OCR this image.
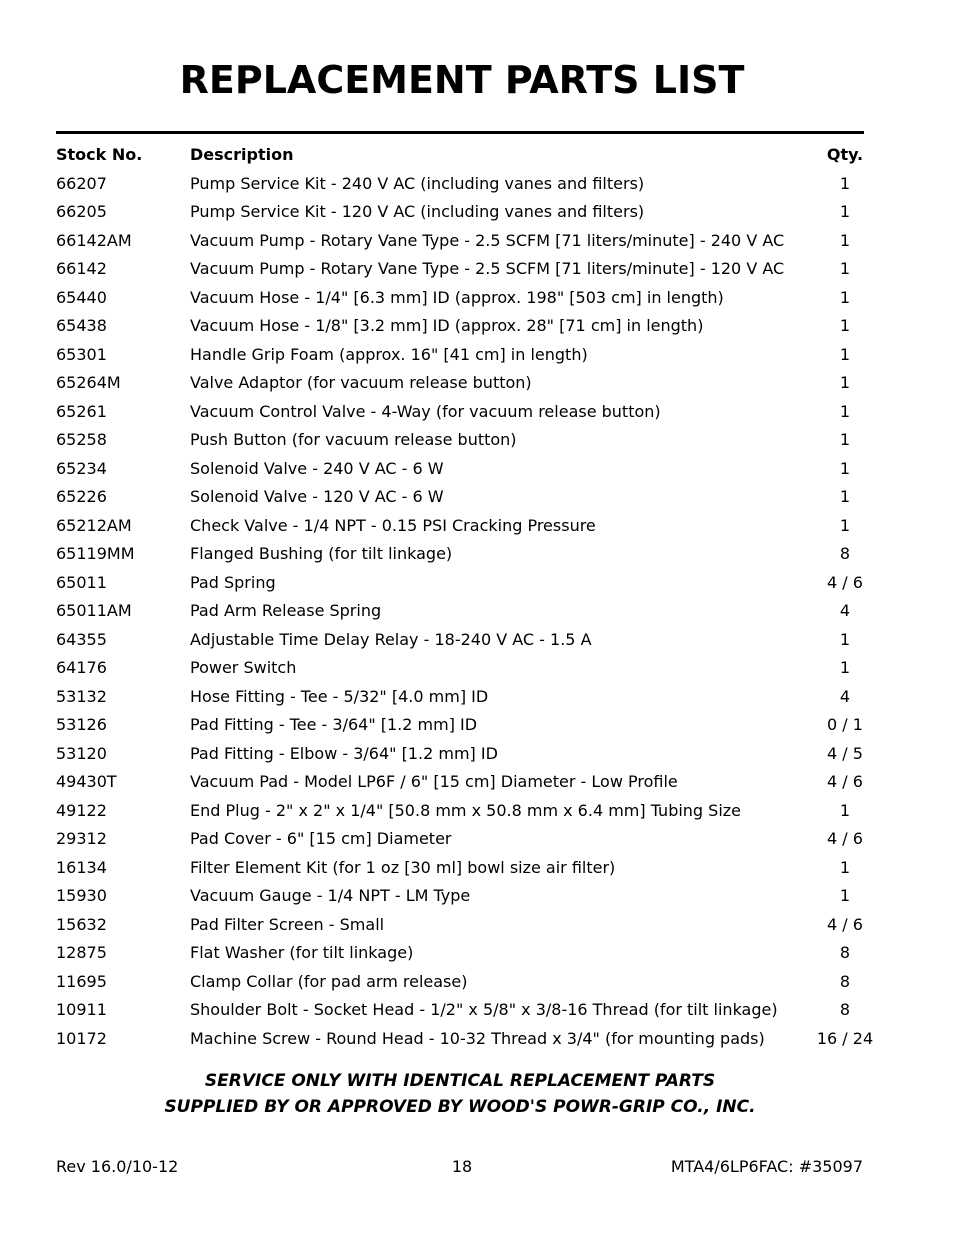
REPLACEMENT PARTS LIST
Stock No.	Description	Qty.
66207	Pump Service Kit - 240 V AC (including vanes and filters)	1
66205	Pump Service Kit - 120 V AC (including vanes and filters)	1
66142AM	Vacuum Pump - Rotary Vane Type - 2.5 SCFM [71 liters/minute] - 240 V AC	1
66142	Vacuum Pump - Rotary Vane Type - 2.5 SCFM [71 liters/minute] - 120 V AC	1
65440	Vacuum Hose - 1/4" [6.3 mm] ID (approx. 198" [503 cm] in length)	1
65438	Vacuum Hose - 1/8" [3.2 mm] ID (approx. 28" [71 cm] in length)	1
65301	Handle Grip Foam (approx. 16" [41 cm] in length)	1
65264M	Valve Adaptor (for vacuum release button)	1
65261	Vacuum Control Valve - 4-Way (for vacuum release button)	1
65258	Push Button (for vacuum release button)	1
65234	Solenoid Valve - 240 V AC - 6 W	1
65226	Solenoid Valve - 120 V AC - 6 W	1
65212AM	Check Valve - 1/4 NPT - 0.15 PSI Cracking Pressure	1
65119MM	Flanged Bushing (for tilt linkage)	8
65011	Pad Spring	4 / 6
65011AM	Pad Arm Release Spring	4
64355	Adjustable Time Delay Relay - 18-240 V AC - 1.5 A	1
64176	Power Switch	1
53132	Hose Fitting - Tee - 5/32" [4.0 mm] ID	4
53126	Pad Fitting - Tee - 3/64" [1.2 mm] ID	0 / 1
53120	Pad Fitting - Elbow - 3/64" [1.2 mm] ID	4 / 5
49430T	Vacuum Pad - Model LP6F / 6" [15 cm] Diameter - Low Profile	4 / 6
49122	End Plug - 2" x 2" x 1/4" [50.8 mm x 50.8 mm x 6.4 mm] Tubing Size	1
29312	Pad Cover - 6" [15 cm] Diameter	4 / 6
16134	Filter Element Kit (for 1 oz [30 ml] bowl size air filter)	1
15930	Vacuum Gauge - 1/4 NPT - LM Type	1
15632	Pad Filter Screen - Small	4 / 6
12875	Flat Washer (for tilt linkage)	8
11695	Clamp Collar (for pad arm release)	8
10911	Shoulder Bolt - Socket Head - 1/2" x 5/8" x 3/8-16 Thread (for tilt linkage)	8
10172	Machine Screw - Round Head - 10-32 Thread x 3/4" (for mounting pads)	16 / 24
SERVICE ONLY WITH IDENTICAL REPLACEMENT PARTS
SUPPLIED BY OR APPROVED BY WOOD'S POWR-GRIP CO., INC.
Rev 16.0/10-12	18	MTA4/6LP6FAC: #35097
